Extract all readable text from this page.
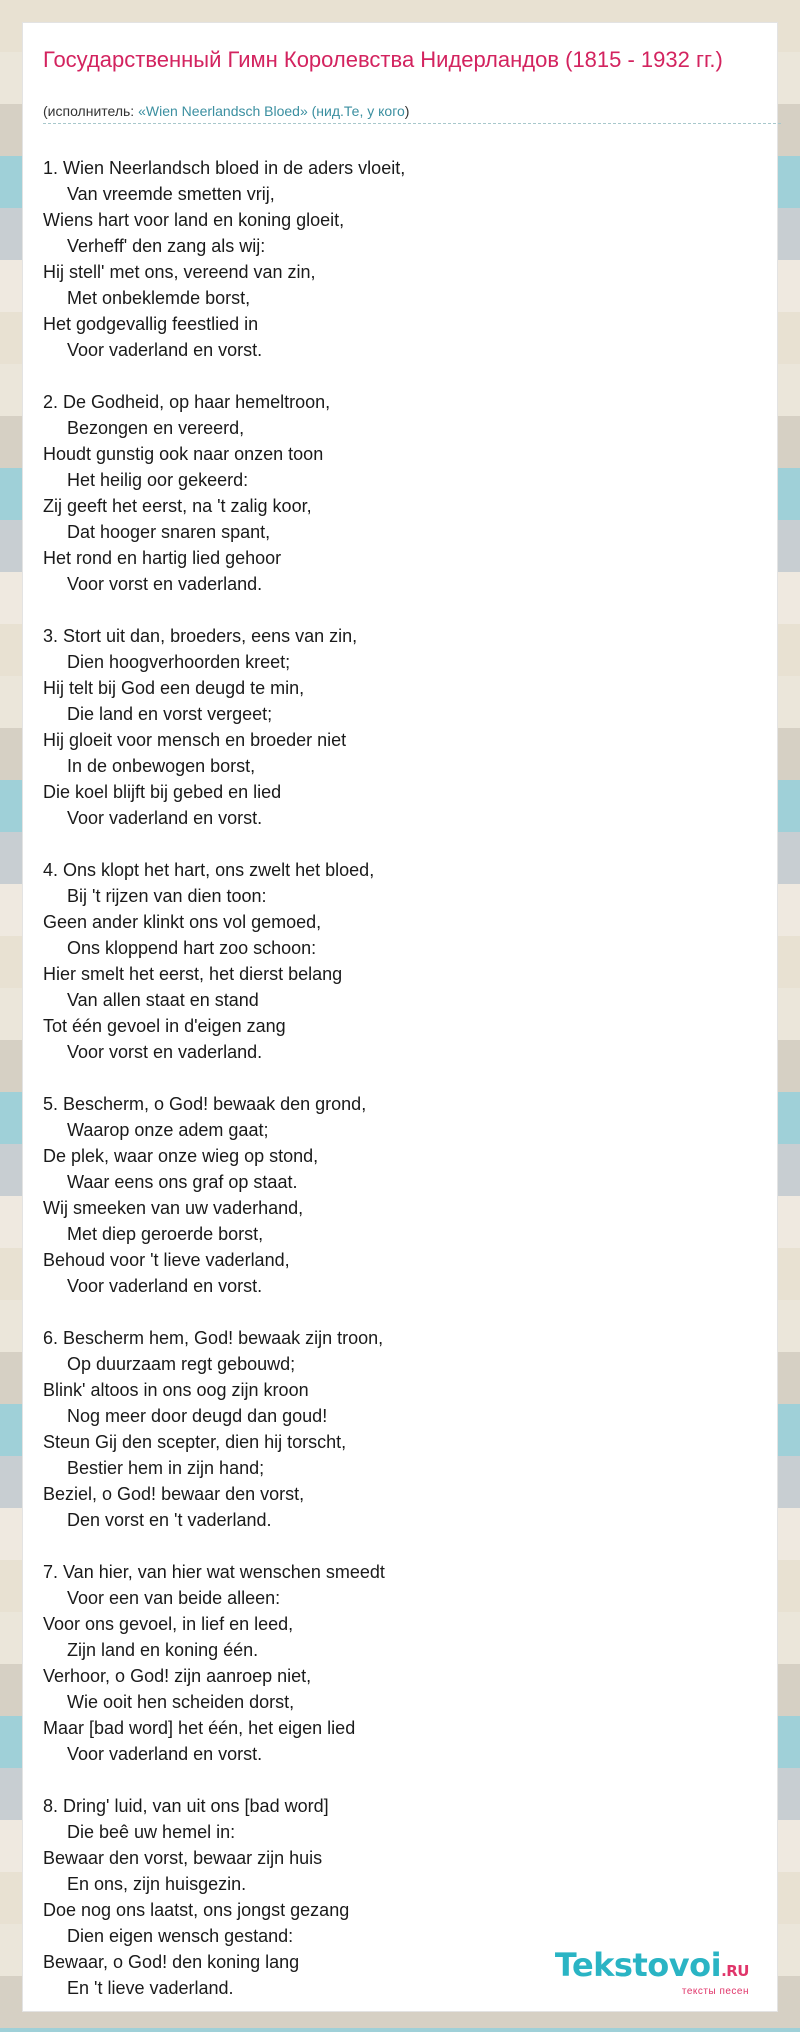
Государственный Гимн Королевства Нидерландов (1815 - 1932 гг.)
(исполнитель: «Wien Neerlandsch Bloed» (нид.Те, у кого)
1. Wien Neerlandsch bloed in de aders vloeit,
Van vreemde smetten vrij,
Wiens hart voor land en koning gloeit,
Verheff' den zang als wij:
Hij stell' met ons, vereend van zin,
Met onbeklemde borst,
Het godgevallig feestlied in
Voor vaderland en vorst.
2. De Godheid, op haar hemeltroon,
Bezongen en vereerd,
Houdt gunstig ook naar onzen toon
Het heilig oor gekeerd:
Zij geeft het eerst, na 't zalig koor,
Dat hooger snaren spant,
Het rond en hartig lied gehoor
Voor vorst en vaderland.
3. Stort uit dan, broeders, eens van zin,
Dien hoogverhoorden kreet;
Hij telt bij God een deugd te min,
Die land en vorst vergeet;
Hij gloeit voor mensch en broeder niet
In de onbewogen borst,
Die koel blijft bij gebed en lied
Voor vaderland en vorst.
4. Ons klopt het hart, ons zwelt het bloed,
Bij 't rijzen van dien toon:
Geen ander klinkt ons vol gemoed,
Ons kloppend hart zoo schoon:
Hier smelt het eerst, het dierst belang
Van allen staat en stand
Tot één gevoel in d'eigen zang
Voor vorst en vaderland.
5. Bescherm, o God! bewaak den grond,
Waarop onze adem gaat;
De plek, waar onze wieg op stond,
Waar eens ons graf op staat.
Wij smeeken van uw vaderhand,
Met diep geroerde borst,
Behoud voor 't lieve vaderland,
Voor vaderland en vorst.
6. Bescherm hem, God! bewaak zijn troon,
Op duurzaam regt gebouwd;
Blink' altoos in ons oog zijn kroon
Nog meer door deugd dan goud!
Steun Gij den scepter, dien hij torscht,
Bestier hem in zijn hand;
Beziel, o God! bewaar den vorst,
Den vorst en 't vaderland.
7. Van hier, van hier wat wenschen smeedt
Voor een van beide alleen:
Voor ons gevoel, in lief en leed,
Zijn land en koning één.
Verhoor, o God! zijn aanroep niet,
Wie ooit hen scheiden dorst,
Maar [bad word] het één, het eigen lied
Voor vaderland en vorst.
8. Dring' luid, van uit ons [bad word]
Die beê uw hemel in:
Bewaar den vorst, bewaar zijn huis
En ons, zijn huisgezin.
Doe nog ons laatst, ons jongst gezang
Dien eigen wensch gestand:
Bewaar, o God! den koning lang
En 't lieve vaderland.
Tekstovoi.RU
тексты песен
